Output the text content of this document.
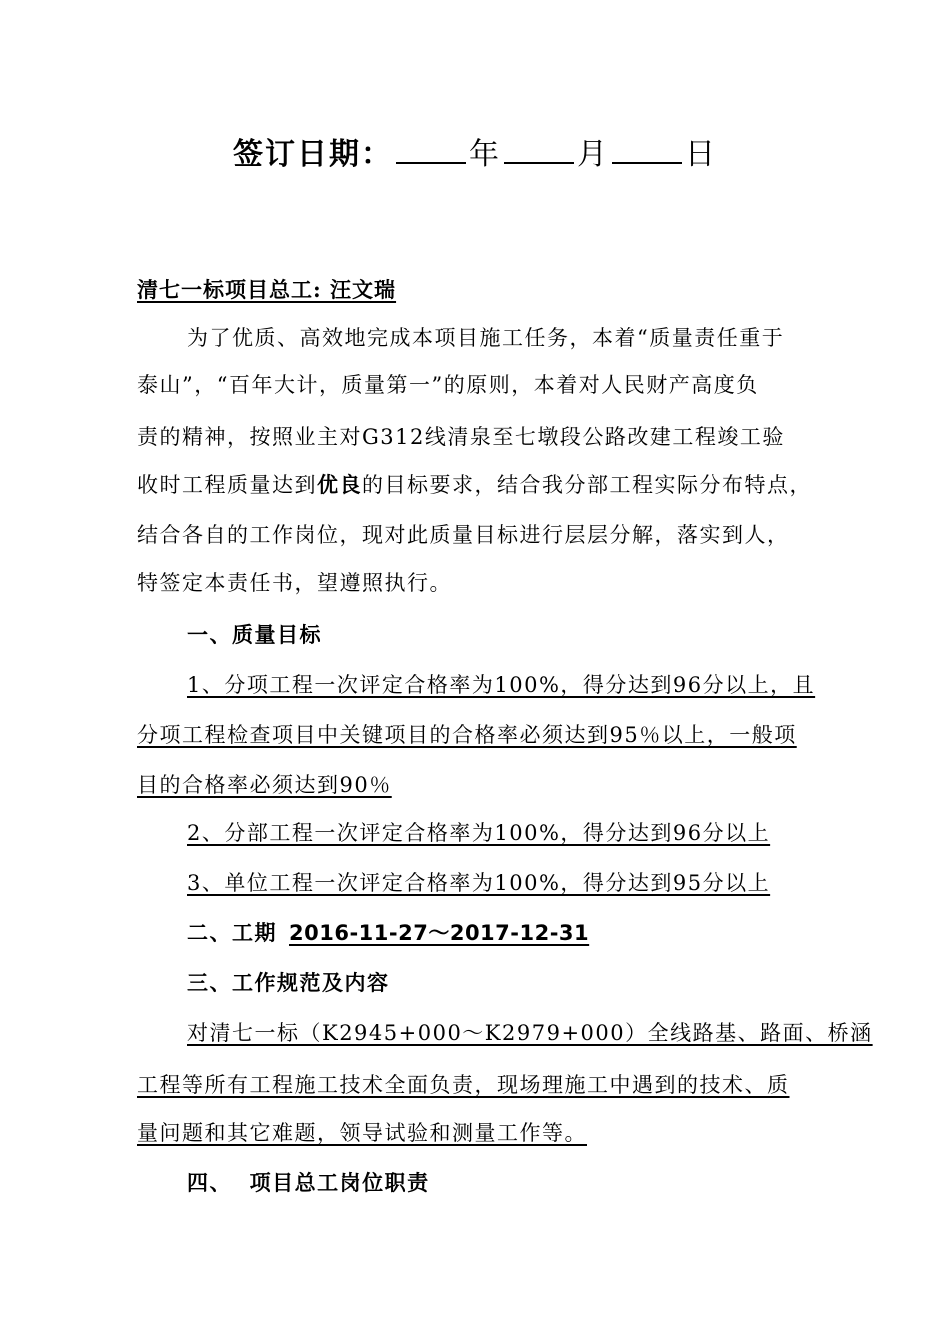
签订日期：	年	月	日
清七一标项目总工: 汪文瑞
为了优质、高效地完成本项目施工任务，本着“质量责任重于
泰山”，“百年大计，质量第一”的原则，本着对人民财产高度负
责的精神，按照业主对G312线清泉至七墩段公路改建工程竣工验
收时工程质量达到优良的目标要求，结合我分部工程实际分布特点，
结合各自的工作岗位，现对此质量目标进行层层分解，落实到人，
特签定本责任书，望遵照执行。
一、质量目标
1、分项工程一次评定合格率为100%，得分达到96分以上，且
分项工程检查项目中关键项目的合格率必须达到95％以上，一般项
目的合格率必须达到90％
2、分部工程一次评定合格率为100%，得分达到96分以上
3、单位工程一次评定合格率为100%，得分达到95分以上
二、工期 2016-11-27～2017-12-31
三、工作规范及内容
对清七一标（K2945+000～K2979+000）全线路基、路面、桥涵
工程等所有工程施工技术全面负责，现场理施工中遇到的技术、质
量问题和其它难题，领导试验和测量工作等。
四、  项目总工岗位职责
